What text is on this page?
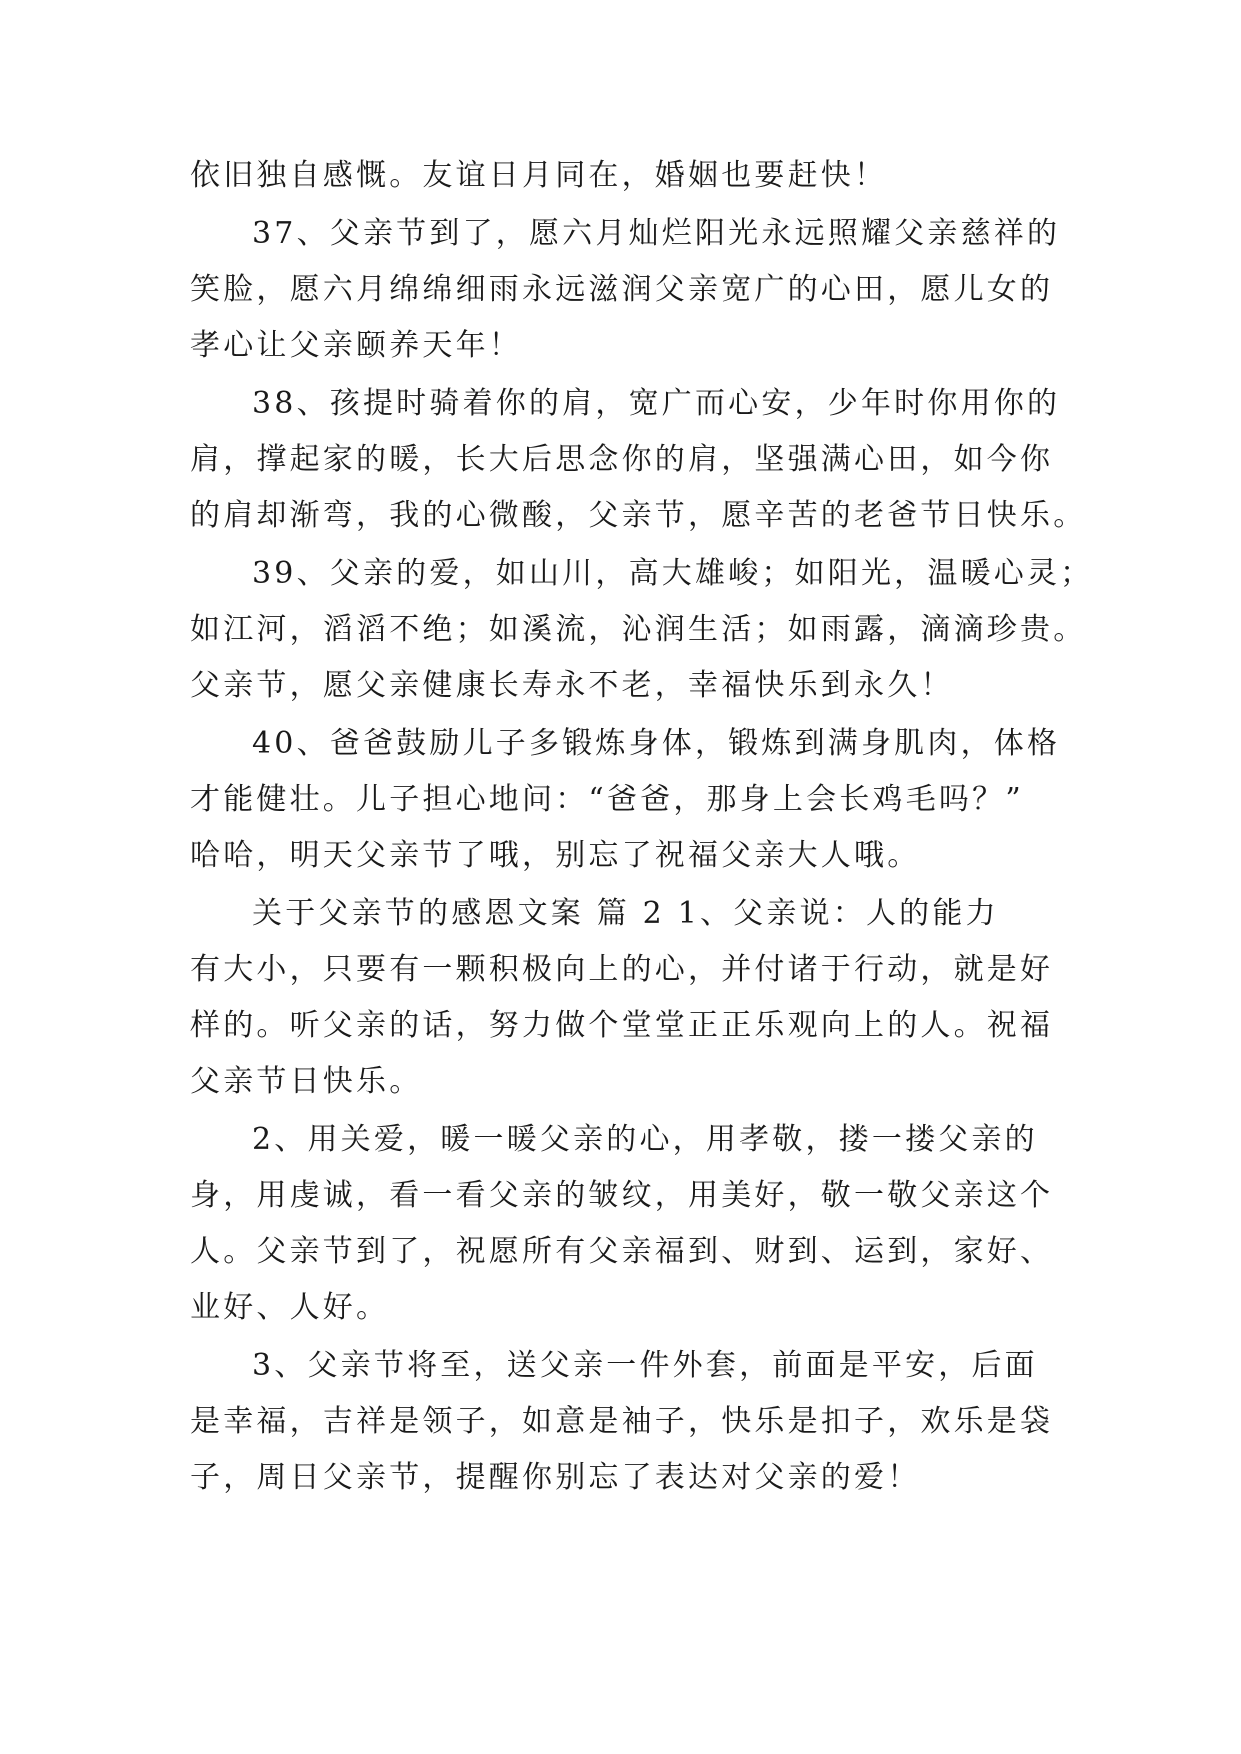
依旧独自感慨。友谊日月同在，婚姻也要赶快！
37、父亲节到了，愿六月灿烂阳光永远照耀父亲慈祥的
笑脸，愿六月绵绵细雨永远滋润父亲宽广的心田，愿儿女的
孝心让父亲颐养天年！
38、孩提时骑着你的肩，宽广而心安，少年时你用你的
肩，撑起家的暖，长大后思念你的肩，坚强满心田，如今你
的肩却渐弯，我的心微酸，父亲节，愿辛苦的老爸节日快乐。
39、父亲的爱，如山川，高大雄峻；如阳光，温暖心灵；
如江河，滔滔不绝；如溪流，沁润生活；如雨露，滴滴珍贵。
父亲节，愿父亲健康长寿永不老，幸福快乐到永久！
40、爸爸鼓励儿子多锻炼身体，锻炼到满身肌肉，体格
才能健壮。儿子担心地问：“爸爸，那身上会长鸡毛吗？”
哈哈，明天父亲节了哦，别忘了祝福父亲大人哦。
关于父亲节的感恩文案 篇 2 1、父亲说：人的能力
有大小，只要有一颗积极向上的心，并付诸于行动，就是好
样的。听父亲的话，努力做个堂堂正正乐观向上的人。祝福
父亲节日快乐。
2、用关爱，暖一暖父亲的心，用孝敬，搂一搂父亲的
身，用虔诚，看一看父亲的皱纹，用美好，敬一敬父亲这个
人。父亲节到了，祝愿所有父亲福到、财到、运到，家好、
业好、人好。
3、父亲节将至，送父亲一件外套，前面是平安，后面
是幸福，吉祥是领子，如意是袖子，快乐是扣子，欢乐是袋
子，周日父亲节，提醒你别忘了表达对父亲的爱！
